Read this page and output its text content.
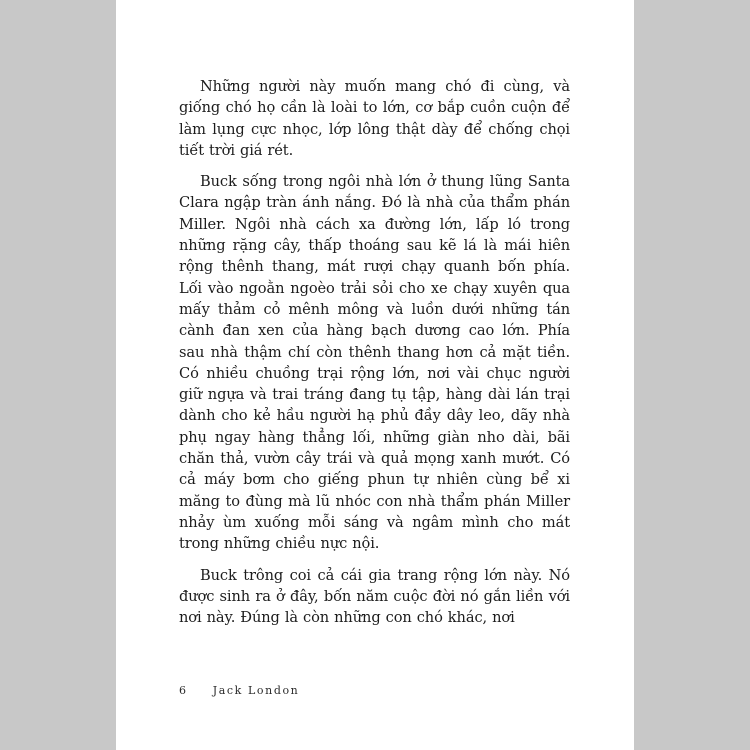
Những người này muốn mang chó đi cùng, và giống chó họ cần là loài to lớn, cơ bắp cuồn cuộn để làm lụng cực nhọc, lớp lông thật dày để chống chọi tiết trời giá rét.

Buck sống trong ngôi nhà lớn ở thung lũng Santa Clara ngập tràn ánh nắng. Đó là nhà của thẩm phán Miller. Ngôi nhà cách xa đường lớn, lấp ló trong những rặng cây, thấp thoáng sau kẽ lá là mái hiên rộng thênh thang, mát rượi chạy quanh bốn phía. Lối vào ngoằn ngoèo trải sỏi cho xe chạy xuyên qua mấy thảm cỏ mênh mông và luồn dưới những tán cành đan xen của hàng bạch dương cao lớn. Phía sau nhà thậm chí còn thênh thang hơn cả mặt tiền. Có nhiều chuồng trại rộng lớn, nơi vài chục người giữ ngựa và trai tráng đang tụ tập, hàng dài lán trại dành cho kẻ hầu người hạ phủ đầy dây leo, dãy nhà phụ ngay hàng thẳng lối, những giàn nho dài, bãi chăn thả, vườn cây trái và quả mọng xanh mướt. Có cả máy bơm cho giếng phun tự nhiên cùng bể xi măng to đùng mà lũ nhóc con nhà thẩm phán Miller nhảy ùm xuống mỗi sáng và ngâm mình cho mát trong những chiều nực nội.

Buck trông coi cả cái gia trang rộng lớn này. Nó được sinh ra ở đây, bốn năm cuộc đời nó gắn liền với nơi này. Đúng là còn những con chó khác, nơi

6 Jack London
